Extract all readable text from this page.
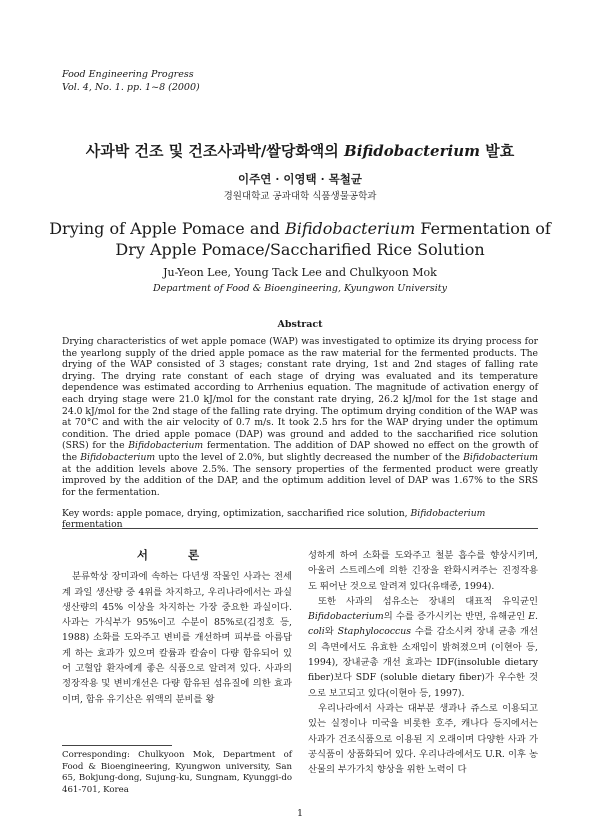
Food Engineering Progress
Vol. 4, No. 1. pp. 1~8 (2000)
사과박 건조 및 건조사과박/쌀당화액의 Bifidobacterium 발효
이주연 · 이영택 · 목철균
경원대학교 공과대학 식품생물공학과
Drying of Apple Pomace and Bifidobacterium Fermentation of Dry Apple Pomace/Saccharified Rice Solution
Ju-Yeon Lee, Young Tack Lee and Chulkyoon Mok
Department of Food & Bioengineering, Kyungwon University
Abstract
Drying characteristics of wet apple pomace (WAP) was investigated to optimize its drying process for the yearlong supply of the dried apple pomace as the raw material for the fermented products. The drying of the WAP consisted of 3 stages; constant rate drying, 1st and 2nd stages of falling rate drying. The drying rate constant of each stage of drying was evaluated and its temperature dependence was estimated according to Arrhenius equation. The magnitude of activation energy of each drying stage were 21.0 kJ/mol for the constant rate drying, 26.2 kJ/mol for the 1st stage and 24.0 kJ/mol for the 2nd stage of the falling rate drying. The optimum drying condition of the WAP was at 70°C and with the air velocity of 0.7 m/s. It took 2.5 hrs for the WAP drying under the optimum condition. The dried apple pomace (DAP) was ground and added to the saccharified rice solution (SRS) for the Bifidobacterium fermentation. The addition of DAP showed no effect on the growth of the Bifidobacterium upto the level of 2.0%, but slightly decreased the number of the Bifidobacterium at the addition levels above 2.5%. The sensory properties of the fermented product were greatly improved by the addition of the DAP, and the optimum addition level of DAP was 1.67% to the SRS for the fermentation.
Key words: apple pomace, drying, optimization, saccharified rice solution, Bifidobacterium fermentation
서 론

분류학상 장미과에 속하는 다년생 작물인 사과는 전세계 과일 생산량 중 4위를 차지하고, 우리나라에서는 과실생산량의 45% 이상을 차지하는 가장 중요한 과실이다. 사과는 가식부가 95%이고 수분이 85%로(김정호 등, 1988) 소화를 도와주고 변비를 개선하며 피부를 아름답게 하는 효과가 있으며 칼륨과 칼슘이 다량 함유되어 있어 고혈압 환자에게 좋은 식품으로 알려져 있다. 사과의 정장작용 및 변비개선은 다량 함유된 섬유질에 의한 효과이며, 함유 유기산은 위액의 분비를 왕

성하게 하여 소화를 도와주고 철분 흡수를 향상시키며, 아울러 스트레스에 의한 긴장을 완화시켜주는 진정작용도 뛰어난 것으로 알려져 있다(유태종, 1994).

또한 사과의 섬유소는 장내의 대표적 유익균인 Bifidobacterium의 수를 증가시키는 반면, 유해균인 E. coli와 Staphylococcus 수를 감소시켜 장내 균총 개선의 측면에서도 유효한 소재임이 밝혀졌으며 (이현아 등, 1994), 장내균총 개선 효과는 IDF(insoluble dietary fiber)보다 SDF (soluble dietary fiber)가 우수한 것으로 보고되고 있다(이현아 등, 1997).

우리나라에서 사과는 대부분 생과나 쥬스로 이용되고 있는 실정이나 미국을 비롯한 호주, 캐나다 등지에서는 사과가 건조식품으로 이용된 지 오래이며 다양한 사과 가공식품이 상품화되어 있다. 우리나라에서도 U.R. 이후 농산물의 부가가치 향상을 위한 노력이 다

Corresponding: Chulkyoon Mok, Department of Food & Bioengineering, Kyungwon university, San 65, Bokjung-dong, Sujung-ku, Sungnam, Kyunggi-do 461-701, Korea
1
